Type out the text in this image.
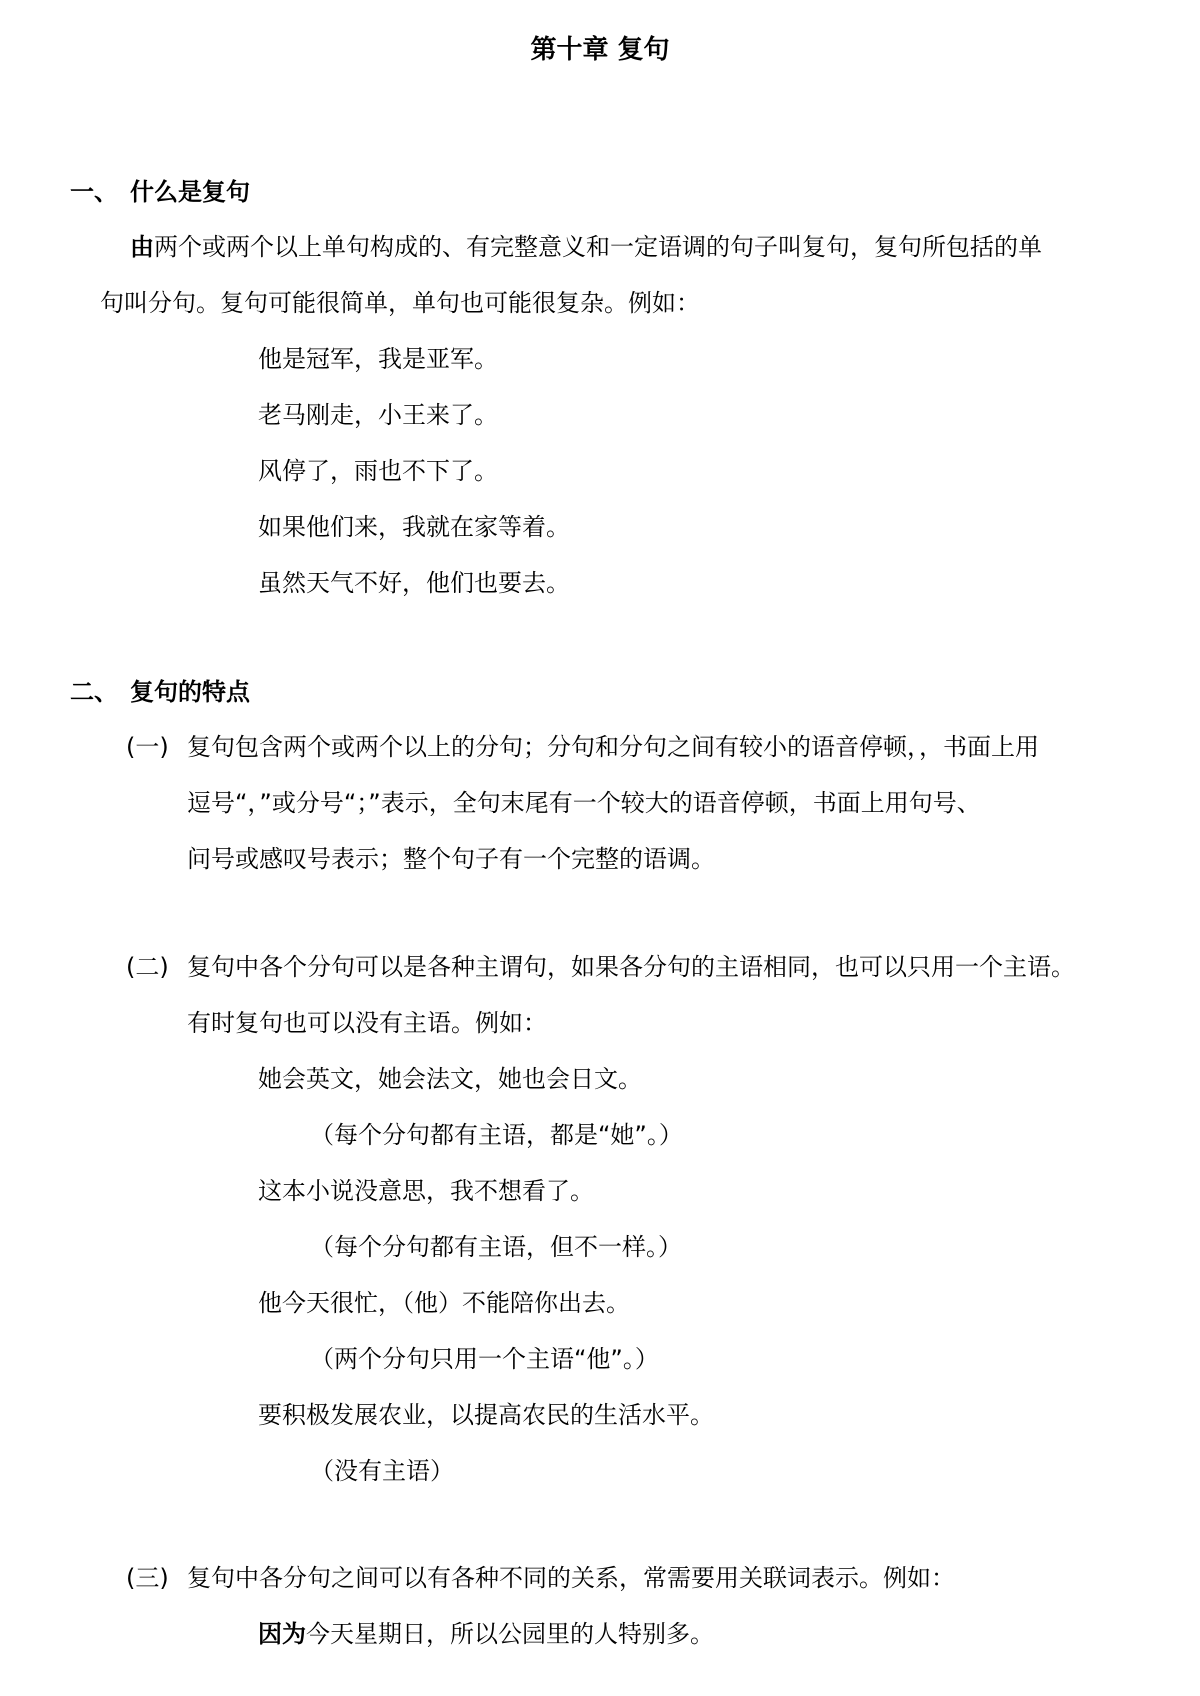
第十章 复句
一、 什么是复句
由两个或两个以上单句构成的、有完整意义和一定语调的句子叫复句，复句所包括的单
句叫分句。复句可能很简单，单句也可能很复杂。例如：
他是冠军，我是亚军。
老马刚走，小王来了。
风停了，雨也不下了。
如果他们来，我就在家等着。
虽然天气不好，他们也要去。
二、 复句的特点
(一) 复句包含两个或两个以上的分句；分句和分句之间有较小的语音停顿，，书面上用
逗号“，”或分号“；”表示，全句末尾有一个较大的语音停顿，书面上用句号、
问号或感叹号表示；整个句子有一个完整的语调。
(二) 复句中各个分句可以是各种主谓句，如果各分句的主语相同，也可以只用一个主语。
有时复句也可以没有主语。例如：
她会英文，她会法文，她也会日文。
（每个分句都有主语，都是“她”。）
这本小说没意思，我不想看了。
（每个分句都有主语，但不一样。）
他今天很忙，（他）不能陪你出去。
（两个分句只用一个主语“他”。）
要积极发展农业，以提高农民的生活水平。
（没有主语）
(三) 复句中各分句之间可以有各种不同的关系，常需要用关联词表示。例如：
因为今天星期日，所以公园里的人特别多。
